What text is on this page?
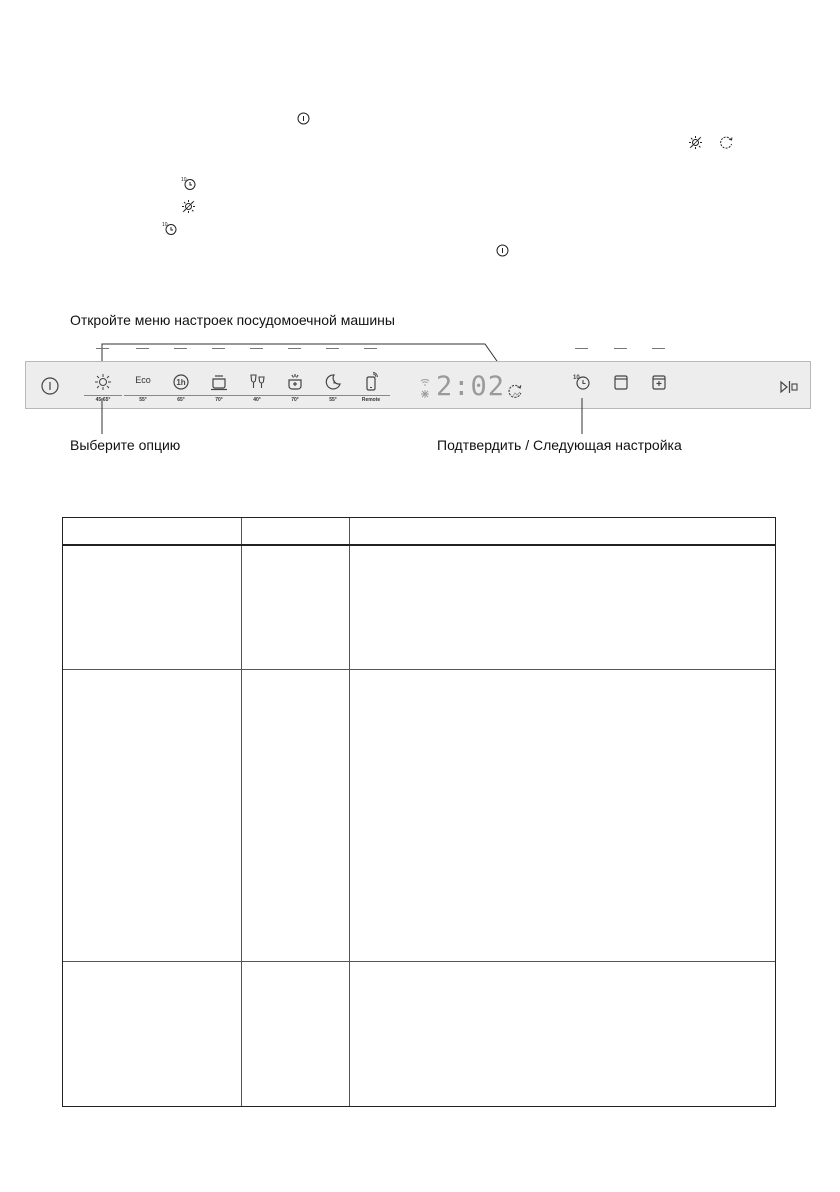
10
10
Откройте меню настроек посудомоечной машины
45-65°
Eco
55°
1h
65°	70°	40°	70°	55°	Remote	2:02	10
Выберите опцию	Подтвердить / Следующая настройка
